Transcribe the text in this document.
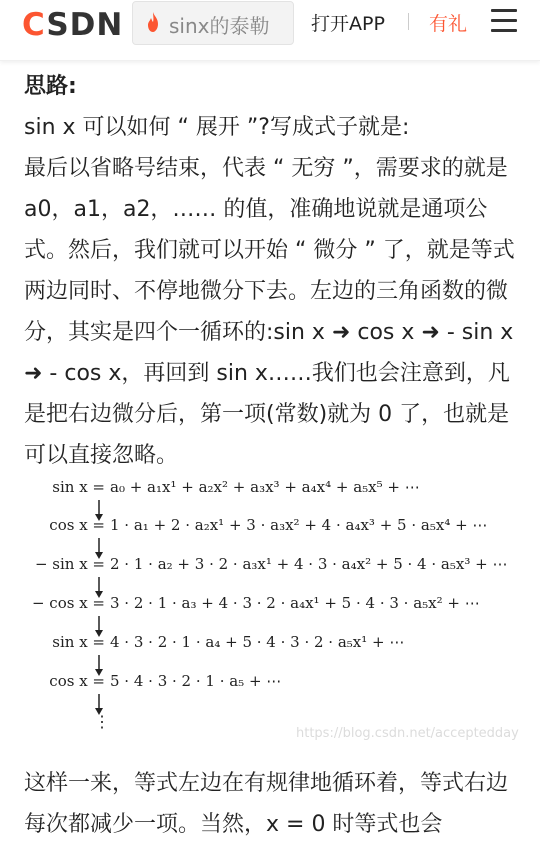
CSDN sinx的泰勒 打开APP 有礼

思路:

sin x 可以如何 “ 展开 ”?写成式子就是:

最后以省略号结束，代表 “ 无穷 ”，需要求的就是 a0，a1，a2，…… 的值，准确地说就是通项公式。然后，我们就可以开始 “ 微分 ” 了，就是等式两边同时、不停地微分下去。左边的三角函数的微分，其实是四个一循环的:sin x ➜ cos x ➜ - sin x ➜ - cos x，再回到 sin x……我们也会注意到，凡是把右边微分后，第一项(常数)就为 0 了，也就是可以直接忽略。

sin x = a₀ + a₁x¹ + a₂x² + a₃x³ + a₄x⁴ + a₅x⁵ + ⋯
cos x = 1 · a₁ + 2 · a₂x¹ + 3 · a₃x² + 4 · a₄x³ + 5 · a₅x⁴ + ⋯
− sin x = 2 · 1 · a₂ + 3 · 2 · a₃x¹ + 4 · 3 · a₄x² + 5 · 4 · a₅x³ + ⋯
− cos x = 3 · 2 · 1 · a₃ + 4 · 3 · 2 · a₄x¹ + 5 · 4 · 3 · a₅x² + ⋯
sin x = 4 · 3 · 2 · 1 · a₄ + 5 · 4 · 3 · 2 · a₅x¹ + ⋯
cos x = 5 · 4 · 3 · 2 · 1 · a₅ + ⋯
⋮
https://blog.csdn.net/acceptedday

这样一来，等式左边在有规律地循环着，等式右边每次都减少一项。当然，x = 0 时等式也会
